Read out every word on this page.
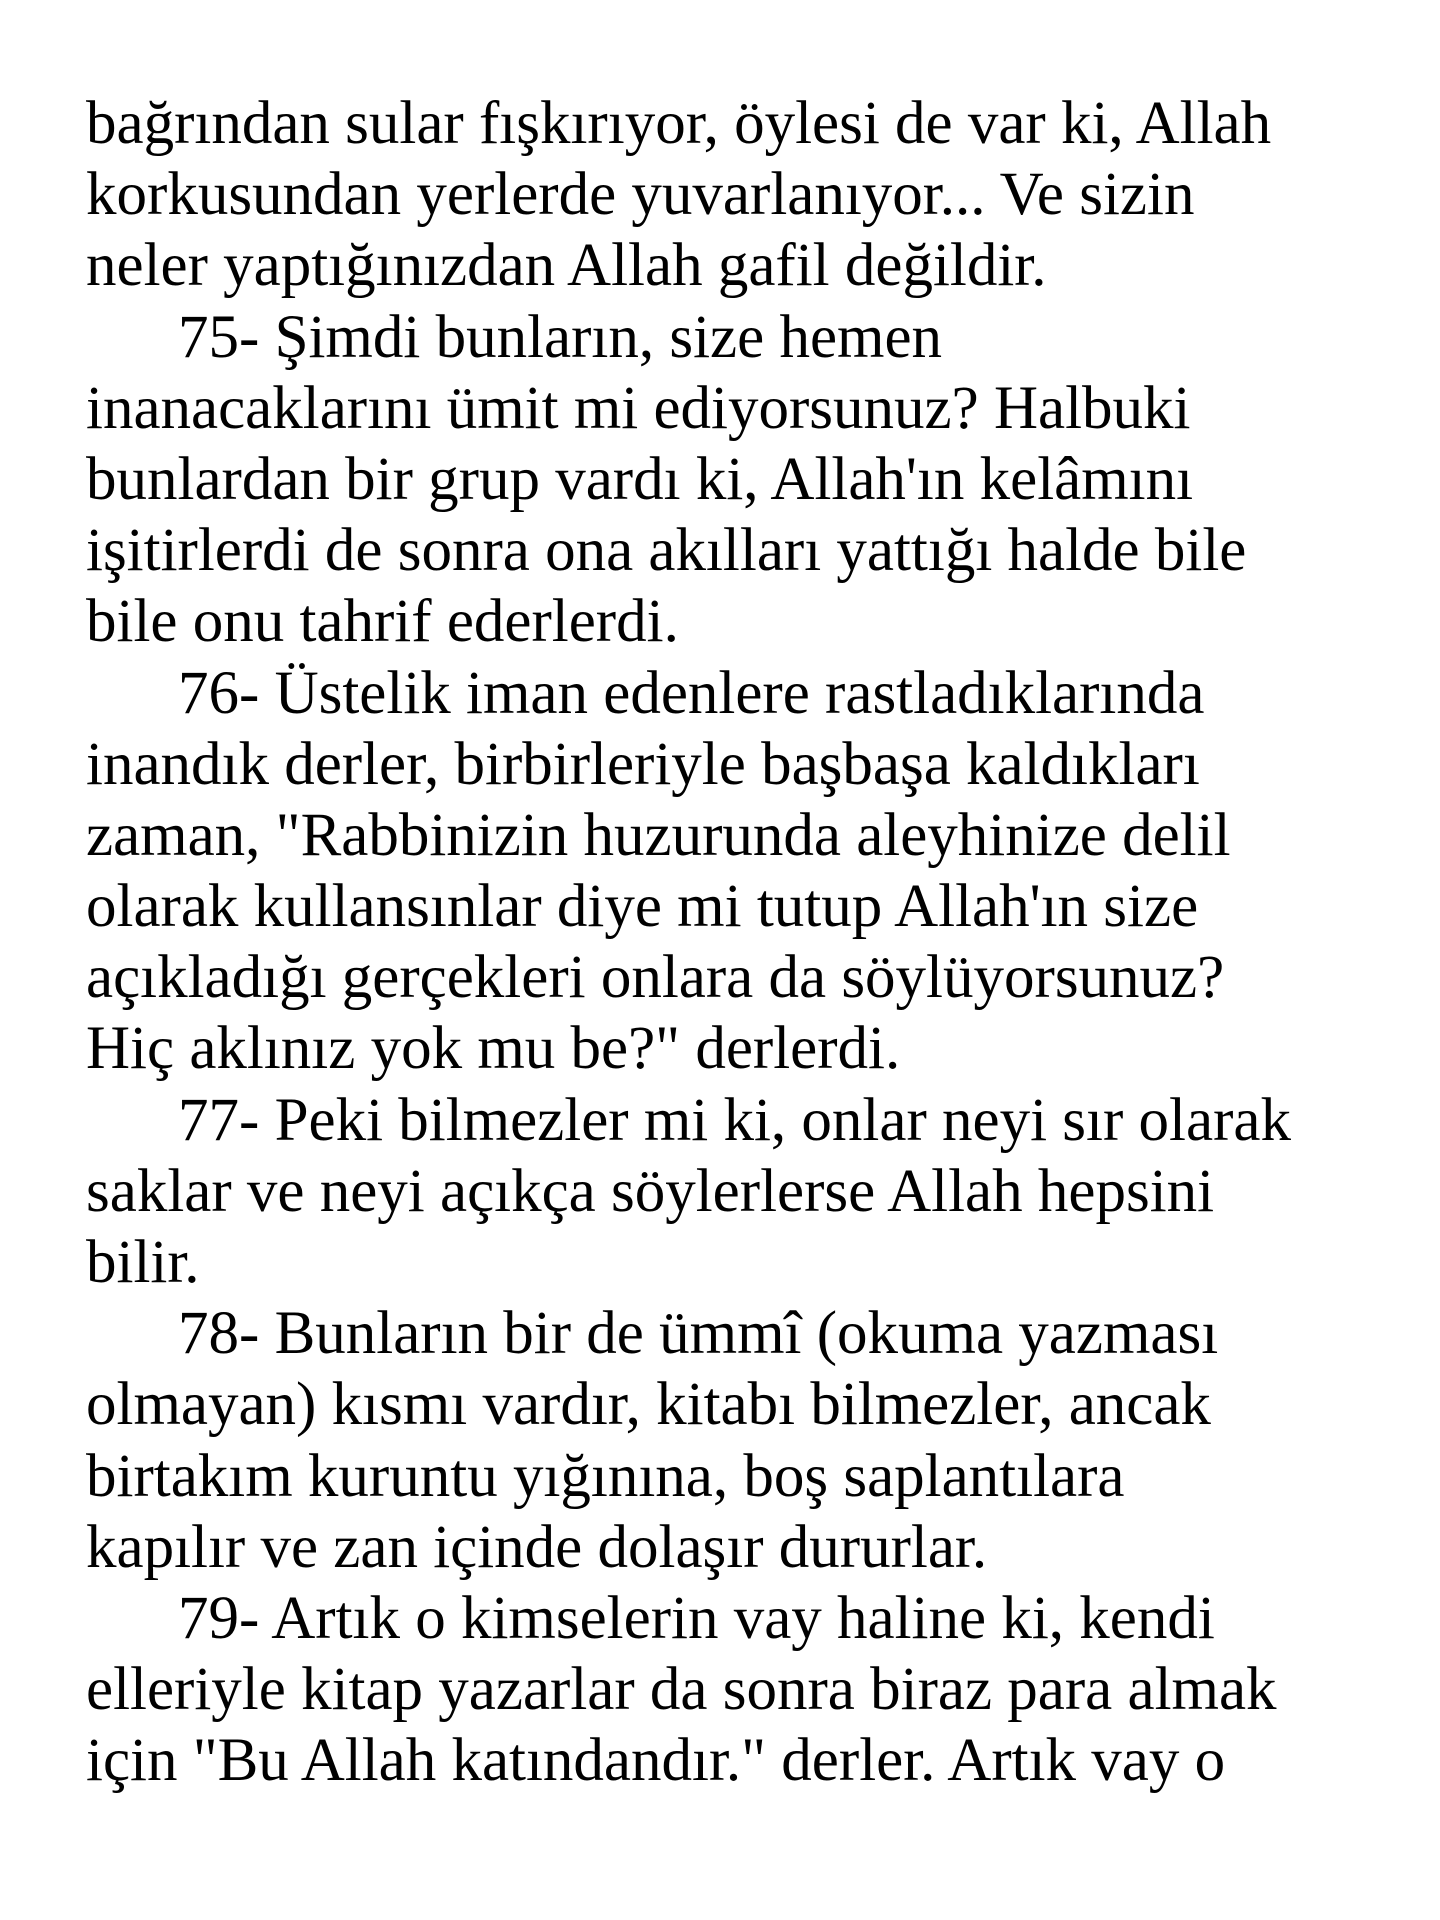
bağrından sular fışkırıyor, öylesi de var ki, Allah
korkusundan yerlerde yuvarlanıyor... Ve sizin
neler yaptığınızdan Allah gafil değildir.
75- Şimdi bunların, size hemen
inanacaklarını ümit mi ediyorsunuz? Halbuki
bunlardan bir grup vardı ki, Allah'ın kelâmını
işitirlerdi de sonra ona akılları yattığı halde bile
bile onu tahrif ederlerdi.
76- Üstelik iman edenlere rastladıklarında
inandık derler, birbirleriyle başbaşa kaldıkları
zaman, "Rabbinizin huzurunda aleyhinize delil
olarak kullansınlar diye mi tutup Allah'ın size
açıkladığı gerçekleri onlara da söylüyorsunuz?
Hiç aklınız yok mu be?" derlerdi.
77- Peki bilmezler mi ki, onlar neyi sır olarak
saklar ve neyi açıkça söylerlerse Allah hepsini
bilir.
78- Bunların bir de ümmî (okuma yazması
olmayan) kısmı vardır, kitabı bilmezler, ancak
birtakım kuruntu yığınına, boş saplantılara
kapılır ve zan içinde dolaşır dururlar.
79- Artık o kimselerin vay haline ki, kendi
elleriyle kitap yazarlar da sonra biraz para almak
için "Bu Allah katındandır." derler. Artık vay o
